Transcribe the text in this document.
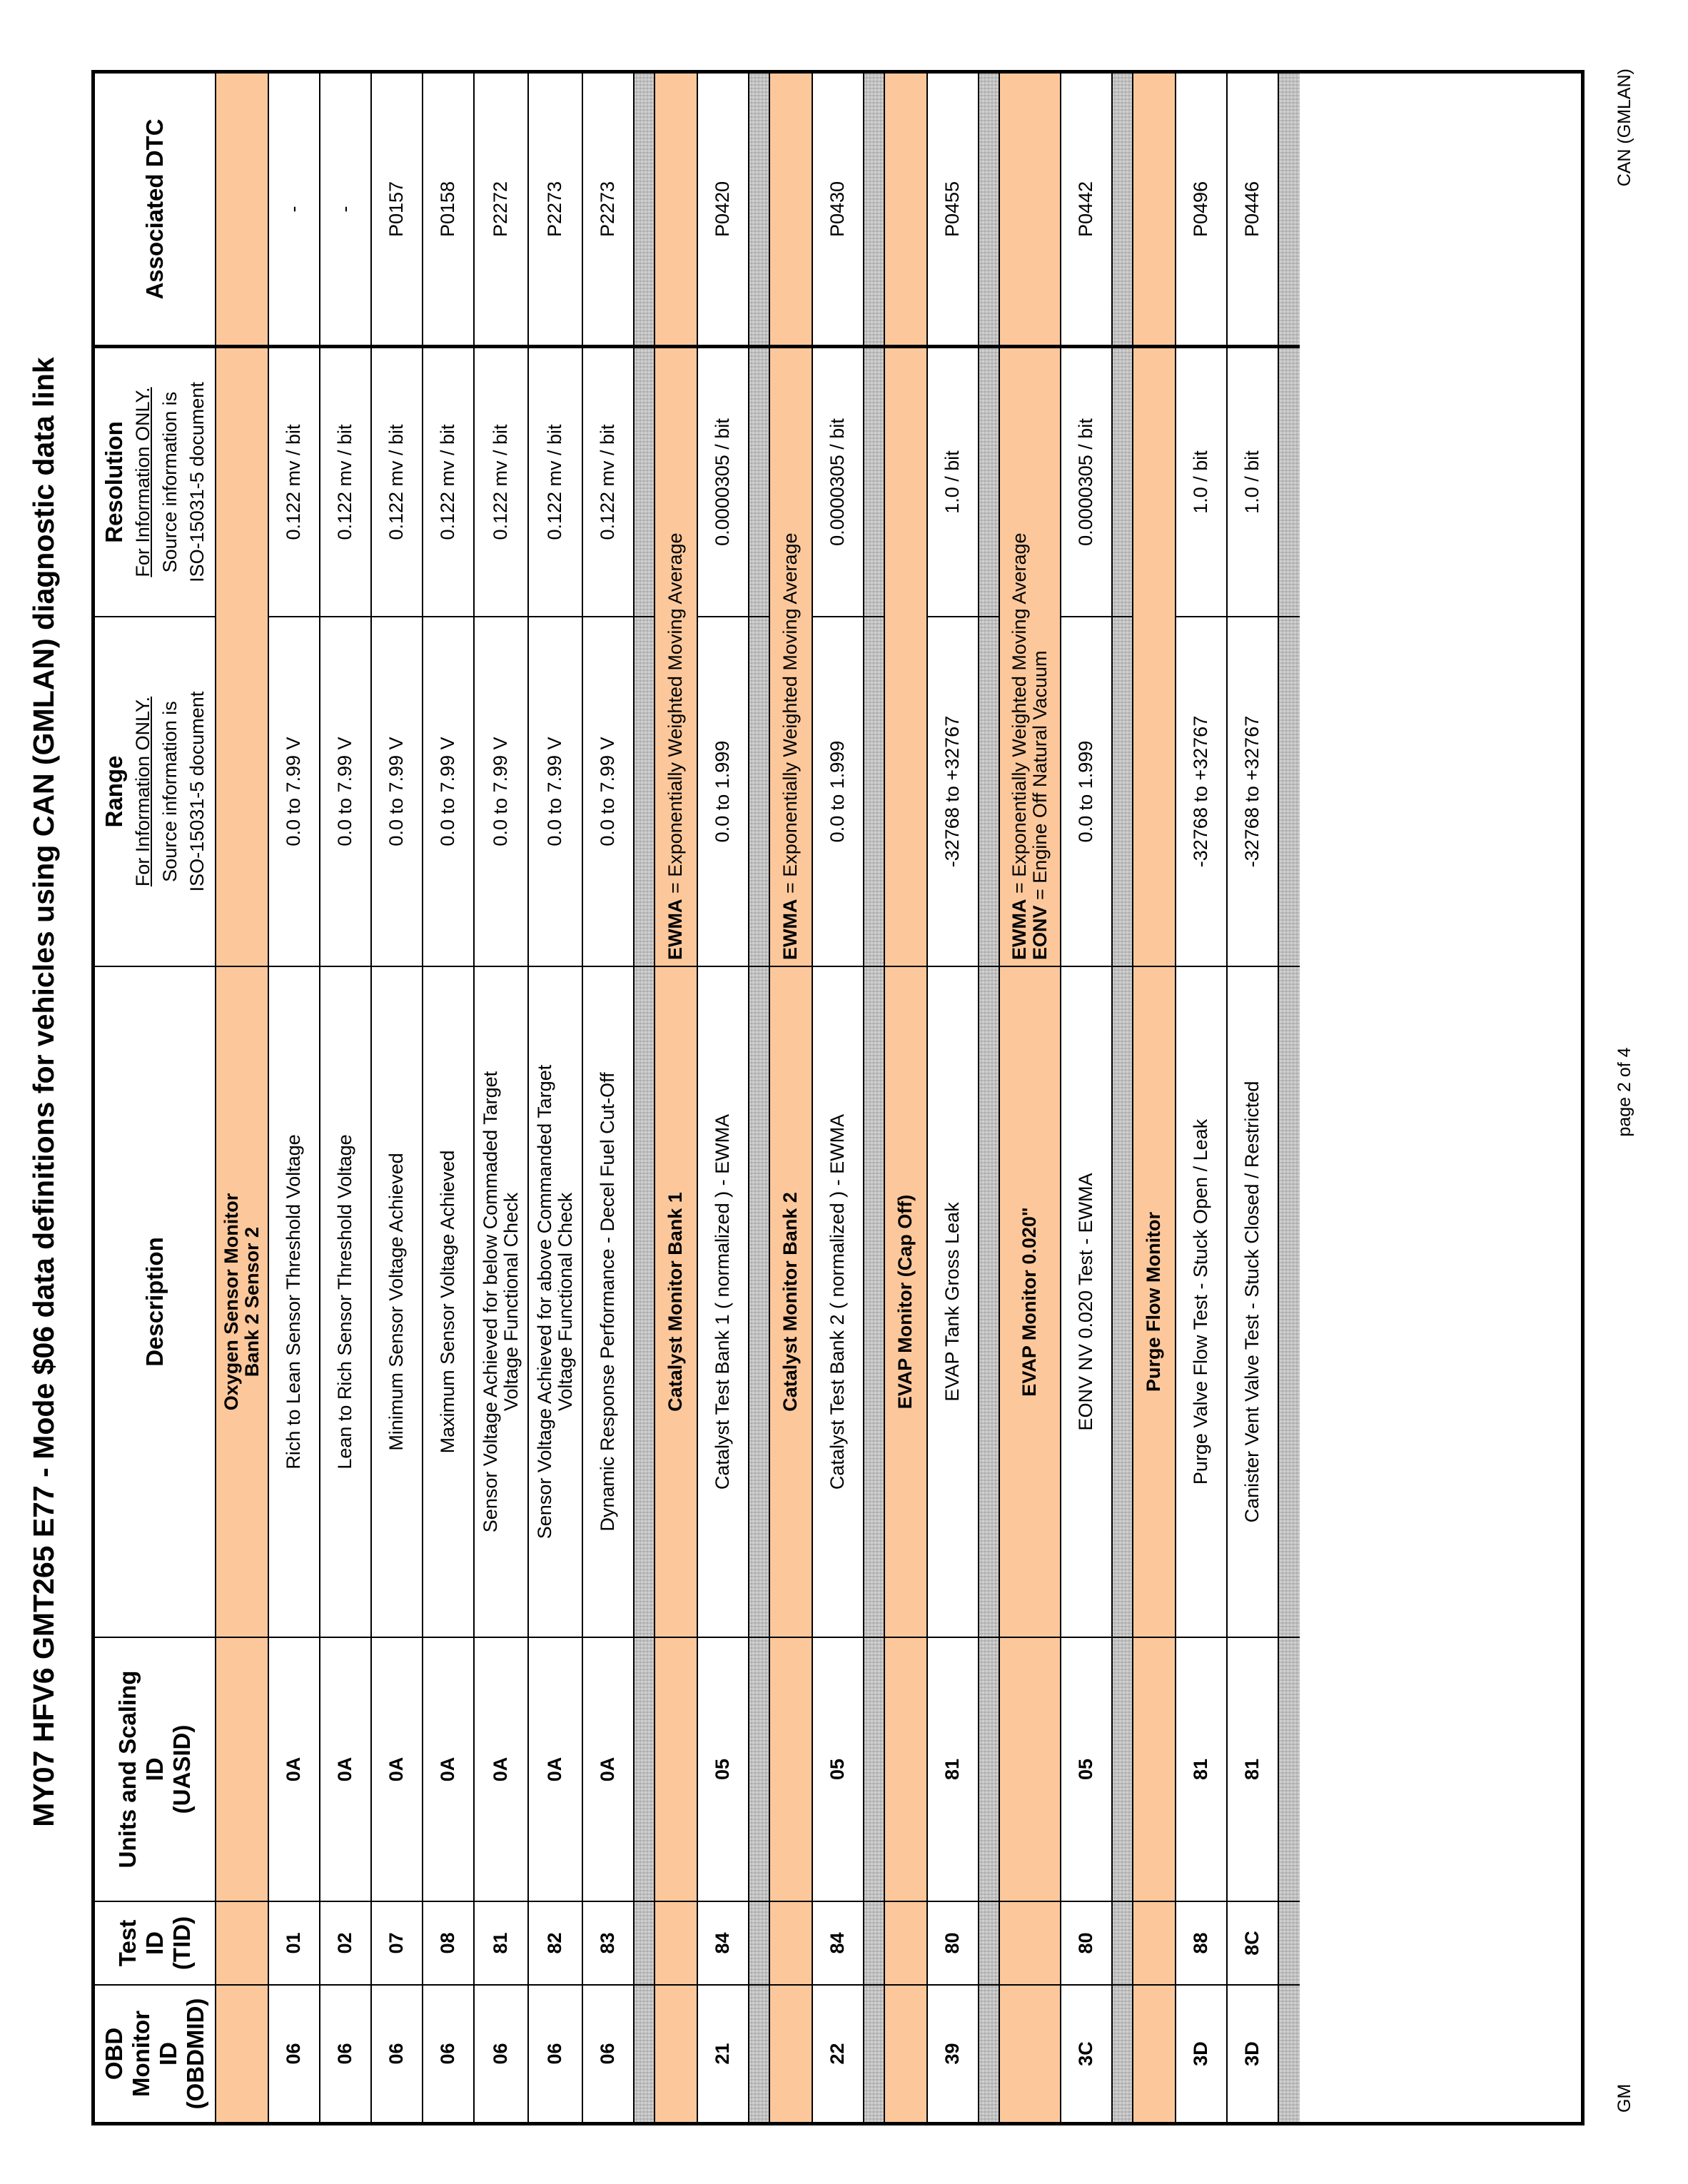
MY07 HFV6 GMT265 E77 - Mode $06 data definitions for vehicles using CAN (GMLAN) diagnostic data link
OBD Monitor
ID
(OBDMID)
Test
ID
(TID)
Units and Scaling
ID
(UASID)
Description
Range For Information ONLY. Source information is ISO-15031-5 document
Resolution For Information ONLY. Source information is ISO-15031-5 document
Associated DTC
Oxygen Sensor Monitor
Bank 2 Sensor 2
06
01
0A
Rich to Lean Sensor Threshold Voltage
0.0 to 7.99 V
0.122 mv / bit
-
06
02
0A
Lean to Rich Sensor Threshold Voltage
0.0 to 7.99 V
0.122 mv / bit
-
06
07
0A
Minimum Sensor Voltage Achieved
0.0 to 7.99 V
0.122 mv / bit
P0157
06
08
0A
Maximum Sensor Voltage Achieved
0.0 to 7.99 V
0.122 mv / bit
P0158
06
81
0A
Sensor Voltage Achieved for below Commaded Target
Voltage Functional Check
0.0 to 7.99 V
0.122 mv / bit
P2272
06
82
0A
Sensor Voltage Achieved for above Commanded Target
Voltage Functional Check
0.0 to 7.99 V
0.122 mv / bit
P2273
06
83
0A
Dynamic Response Performance - Decel Fuel Cut-Off
0.0 to 7.99 V
0.122 mv / bit
P2273
Catalyst Monitor Bank 1
EWMA = Exponentially Weighted Moving Average
21
84
05
Catalyst Test Bank 1 ( normalized ) - EWMA
0.0 to 1.999
0.0000305 / bit
P0420
Catalyst Monitor Bank 2
EWMA = Exponentially Weighted Moving Average
22
84
05
Catalyst Test Bank 2 ( normalized ) - EWMA
0.0 to 1.999
0.0000305 / bit
P0430
EVAP Monitor (Cap Off)
39
80
81
EVAP Tank Gross Leak
-32768 to +32767
1.0 / bit
P0455
EVAP Monitor 0.020"
EWMA = Exponentially Weighted Moving Average
EONV = Engine Off Natural Vacuum
3C
80
05
EONV NV 0.020 Test - EWMA
0.0 to 1.999
0.0000305 / bit
P0442
Purge Flow Monitor
3D
88
81
Purge Valve Flow Test - Stuck Open / Leak
-32768 to +32767
1.0 / bit
P0496
3D
8C
81
Canister Vent Valve Test - Stuck Closed / Restricted
-32768 to +32767
1.0 / bit
P0446
GM
page 2 of 4
CAN (GMLAN)
